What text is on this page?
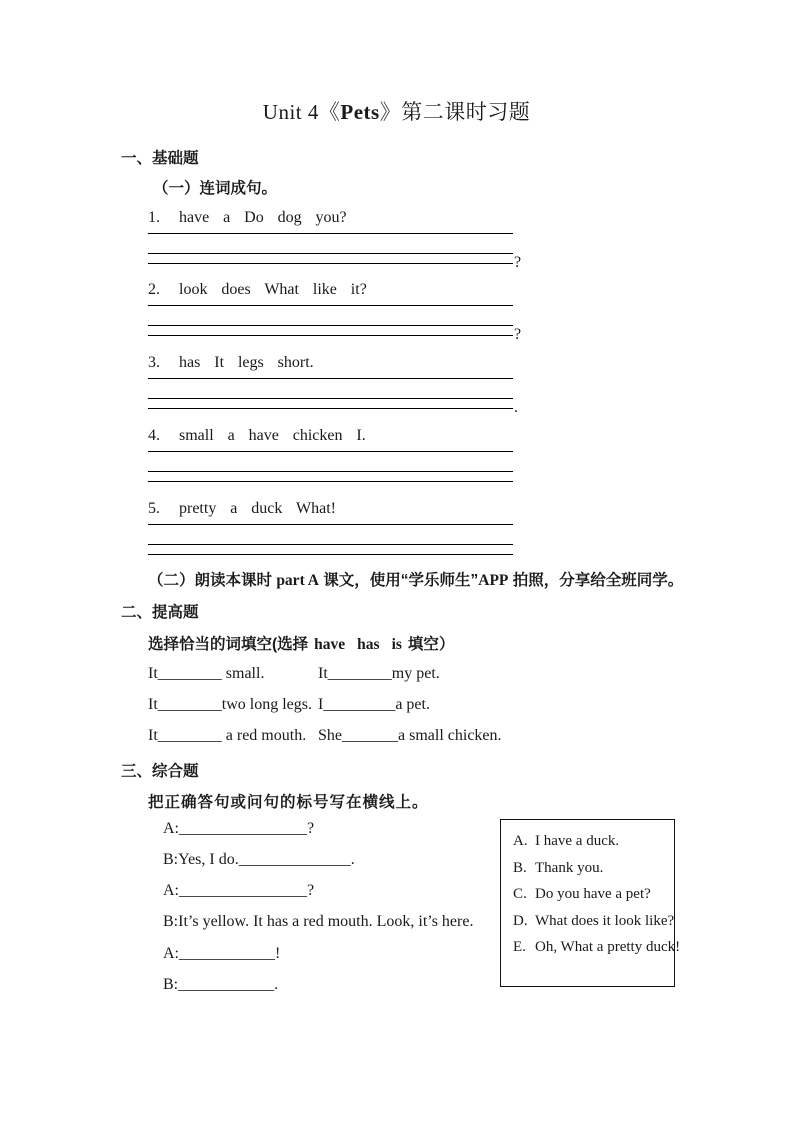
Unit 4《Pets》第二课时习题
一、基础题
（一）连词成句。
1. have a Do dog you?
?
2. look does What like it?
?
3. has It legs short.
.
4. small a have chicken I.
5. pretty a duck What!
（二）朗读本课时 part A 课文，使用“学乐师生”APP 拍照，分享给全班同学。
二、提高题
选择恰当的词填空(选择 have has is 填空）
It________ small.	It________my pet.
It________two long legs. I_________a pet.
It________ a red mouth. She_______a small chicken.
三、综合题
把正确答句或问句的标号写在横线上。
A:________________?
B:Yes, I do.______________.
A:________________?
B:It’s yellow. It has a red mouth. Look, it’s here.
A:____________!
B:____________.
A. I have a duck.
B. Thank you.
C. Do you have a pet?
D. What does it look like?
E. Oh, What a pretty duck!
